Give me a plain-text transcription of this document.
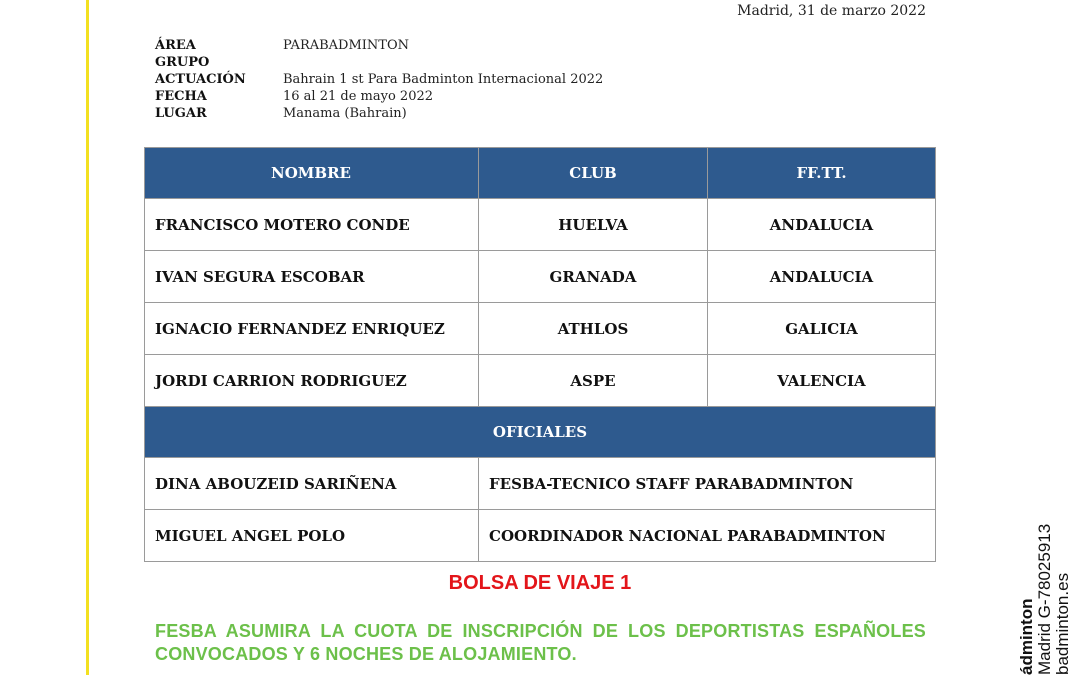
Madrid, 31 de marzo 2022
ÁREA	PARABADMINTON
GRUPO
ACTUACIÓN	Bahrain 1 st Para Badminton Internacional 2022
FECHA	16 al 21 de mayo 2022
LUGAR	Manama (Bahrain)
NOMBRE	CLUB	FF.TT.
FRANCISCO MOTERO CONDE	HUELVA	ANDALUCIA
IVAN SEGURA ESCOBAR	GRANADA	ANDALUCIA
IGNACIO FERNANDEZ ENRIQUEZ	ATHLOS	GALICIA
JORDI CARRION RODRIGUEZ	ASPE	VALENCIA
OFICIALES		
DINA ABOUZEID SARIÑENA	FESBA-TECNICO STAFF PARABADMINTON	
MIGUEL ANGEL POLO	COORDINADOR NACIONAL PARABADMINTON	
BOLSA DE VIAJE 1
FESBA ASUMIRA LA CUOTA DE INSCRIPCIÓN DE LOS DEPORTISTAS ESPAÑOLES CONVOCADOS Y 6 NOCHES DE ALOJAMIENTO.	ádminton Madrid G-78025913 badminton.es
